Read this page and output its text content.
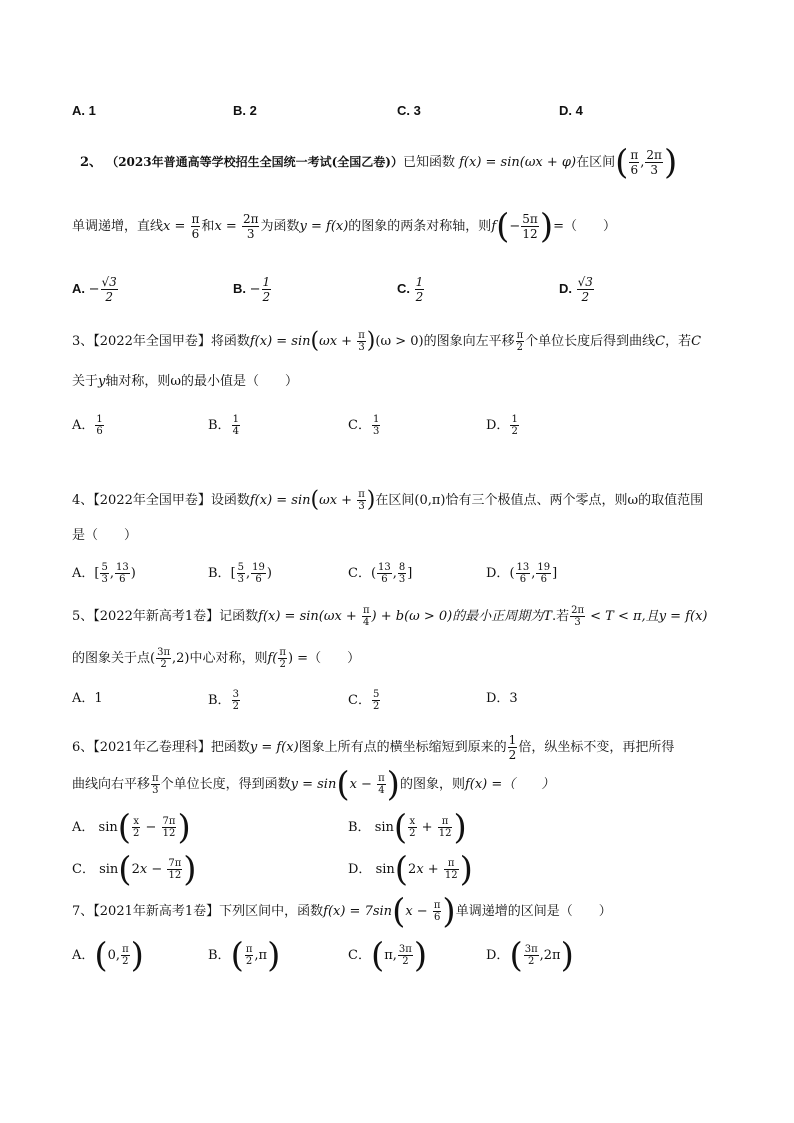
A. 1	B. 2	C. 3	D. 4
2、 （2023年普通高等学校招生全国统一考试(全国乙卷)）已知函数 f(x) = sin(ωx + φ)在区间( $\frac{\pi}{6}$ , $\frac{2\pi}{3}$ )
单调递增，直线$x = \frac{\pi}{6}$ 和$x = \frac{2\pi}{3}$ 为函数y = f(x)的图象的两条对称轴，则$f(- \frac{5\pi}{12}$ )=（　　）
A. − $\frac{√3}{2}$	B. − $\frac{1}{2}$	C. $\frac{1}{2}$	D. $\frac{√3}{2}$
3、【2022年全国甲卷】将函数$f(x) = \sin(\omega x + \frac{\pi}{3} )(\omega > 0)$的图象向左平移 $\frac{\pi}{2}$ 个单位长度后得到曲线C，若C
关于y轴对称，则ω的最小值是（　　）
A． $\frac{1}{6}$	B． $\frac{1}{4}$	C． $\frac{1}{3}$	D． $\frac{1}{2}$
4、【2022年全国甲卷】设函数$f(x) = \sin(\omega x + \frac{\pi}{3}$ )在区间(0,π)恰有三个极值点、两个零点，则ω的取值范围
是（　　）
A．[ $\frac{5}{3}$ , $\frac{13}{6}$ )	B．[ $\frac{5}{3}$ , $\frac{19}{6}$ )	C．( $\frac{13}{6}$ , $\frac{8}{3}$ ]	D．( $\frac{13}{6}$ , $\frac{19}{6}$ ]
5、【2022年新高考1卷】记函数$f(x) = \sin(\omega x + \frac{\pi}{4}$ ) + b(ω > 0)的最小正周期为T.若 $\frac{2\pi}{3} < T < \pi$,且y = f(x)
的图象关于点( $\frac{3\pi}{2} ,2$)中心对称，则$f( \frac{\pi}{2}$ ) =（　　）
A．1	B． $\frac{3}{2}$	C． $\frac{5}{2}$	D．3
6、【2021年乙卷理科】把函数y = f(x)图象上所有点的横坐标缩短到原来的 $\frac{1}{2}$ 倍，纵坐标不变，再把所得
曲线向右平移 $\frac{\pi}{3}$ 个单位长度，得到函数$y = \sin(x - \frac{\pi}{4}$ )的图象，则f(x) =（　　）
A． $\sin( \frac{x}{2} - \frac{7\pi}{12}$ )	B． $\sin( \frac{x}{2} + \frac{\pi}{12}$ )
C． $\sin(2x - \frac{7\pi}{12}$ )	D． $\sin(2x + \frac{\pi}{12}$ )
7、【2021年新高考1卷】下列区间中，函数$f(x) = 7\sin(x - \frac{\pi}{6}$ )单调递增的区间是（　　）
A．(0, $\frac{\pi}{2}$ )	B．( $\frac{\pi}{2} ,\pi$)	C．(π, $\frac{3\pi}{2}$ )	D．( $\frac{3\pi}{2} ,2\pi$)
